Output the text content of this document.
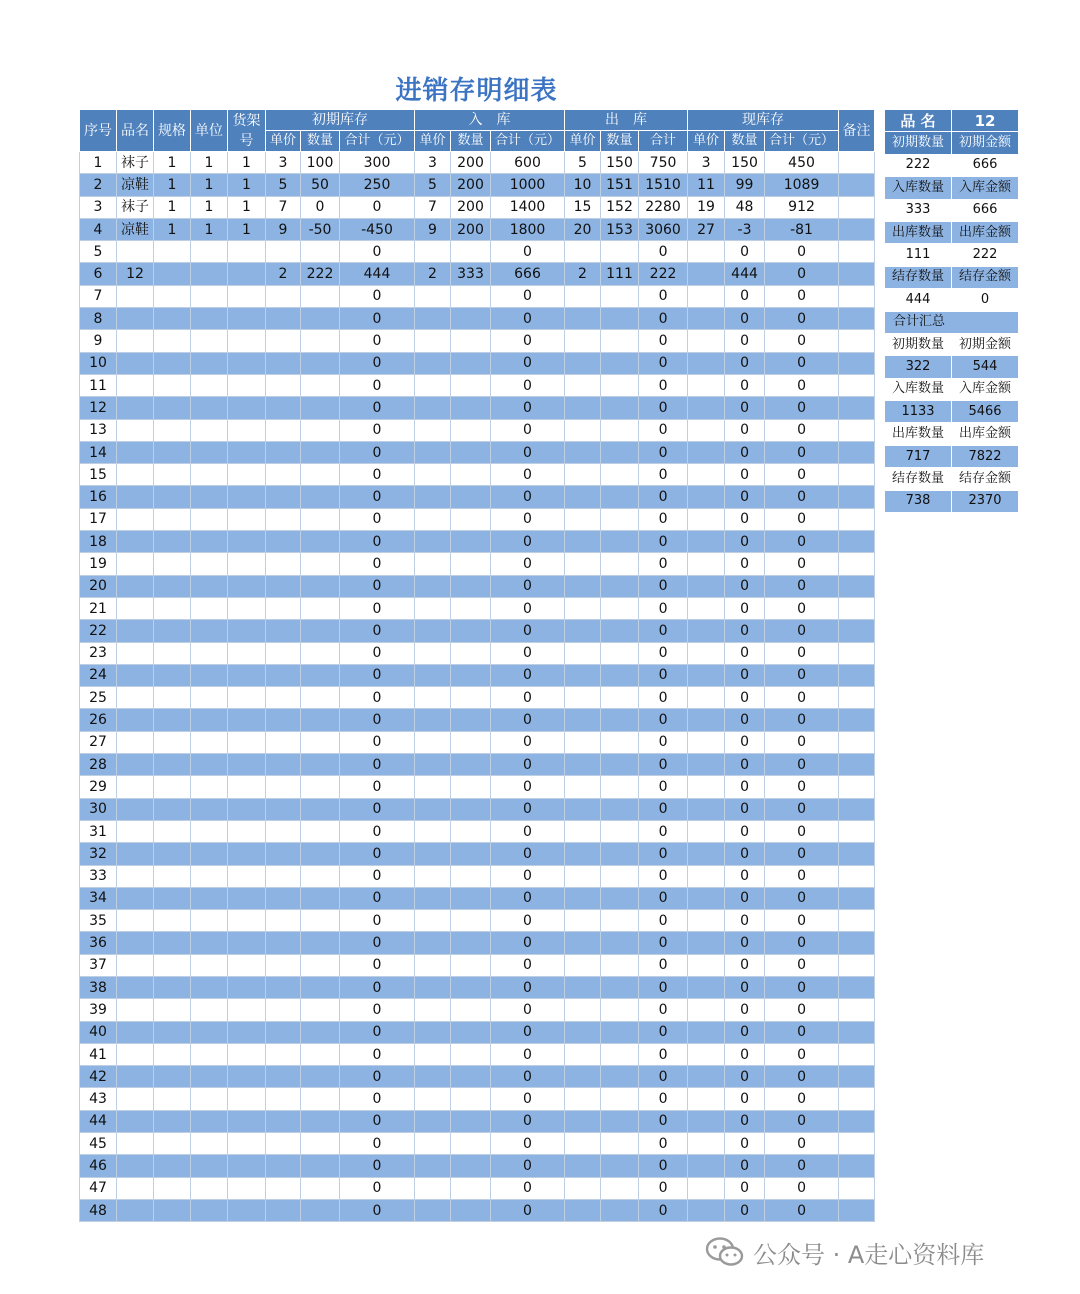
进销存明细表
序号	品名	规格	单位	货架号	初期库存			入　库			出　库			现库存			备注
					单价	数量	合计（元）	单价	数量	合计（元）	单价	数量	合计	单价	数量	合计（元）	
1	袜子	1	1	1	3	100	300	3	200	600	5	150	750	3	150	450	
2	凉鞋	1	1	1	5	50	250	5	200	1000	10	151	1510	11	99	1089	
3	袜子	1	1	1	7	0	0	7	200	1400	15	152	2280	19	48	912	
4	凉鞋	1	1	1	9	-50	-450	9	200	1800	20	153	3060	27	-3	-81	
5							0			0			0		0	0	
6	12				2	222	444	2	333	666	2	111	222		444	0	
7							0			0			0		0	0	
8							0			0			0		0	0	
9							0			0			0		0	0	
10							0			0			0		0	0	
11							0			0			0		0	0	
12							0			0			0		0	0	
13							0			0			0		0	0	
14							0			0			0		0	0	
15							0			0			0		0	0	
16							0			0			0		0	0	
17							0			0			0		0	0	
18							0			0			0		0	0	
19							0			0			0		0	0	
20							0			0			0		0	0	
21							0			0			0		0	0	
22							0			0			0		0	0	
23							0			0			0		0	0	
24							0			0			0		0	0	
25							0			0			0		0	0	
26							0			0			0		0	0	
27							0			0			0		0	0	
28							0			0			0		0	0	
29							0			0			0		0	0	
30							0			0			0		0	0	
31							0			0			0		0	0	
32							0			0			0		0	0	
33							0			0			0		0	0	
34							0			0			0		0	0	
35							0			0			0		0	0	
36							0			0			0		0	0	
37							0			0			0		0	0	
38							0			0			0		0	0	
39							0			0			0		0	0	
40							0			0			0		0	0	
41							0			0			0		0	0	
42							0			0			0		0	0	
43							0			0			0		0	0	
44							0			0			0		0	0	
45							0			0			0		0	0	
46							0			0			0		0	0	
47							0			0			0		0	0	
48							0			0			0		0	0	
品 名	12
初期数量	初期金额
222	666
入库数量	入库金额
333	666
出库数量	出库金额
111	222
结存数量	结存金额
444	0
合计汇总	
初期数量	初期金额
322	544
入库数量	入库金额
1133	5466
出库数量	出库金额
717	7822
结存数量	结存金额
738	2370
公众号 · A走心资料库
